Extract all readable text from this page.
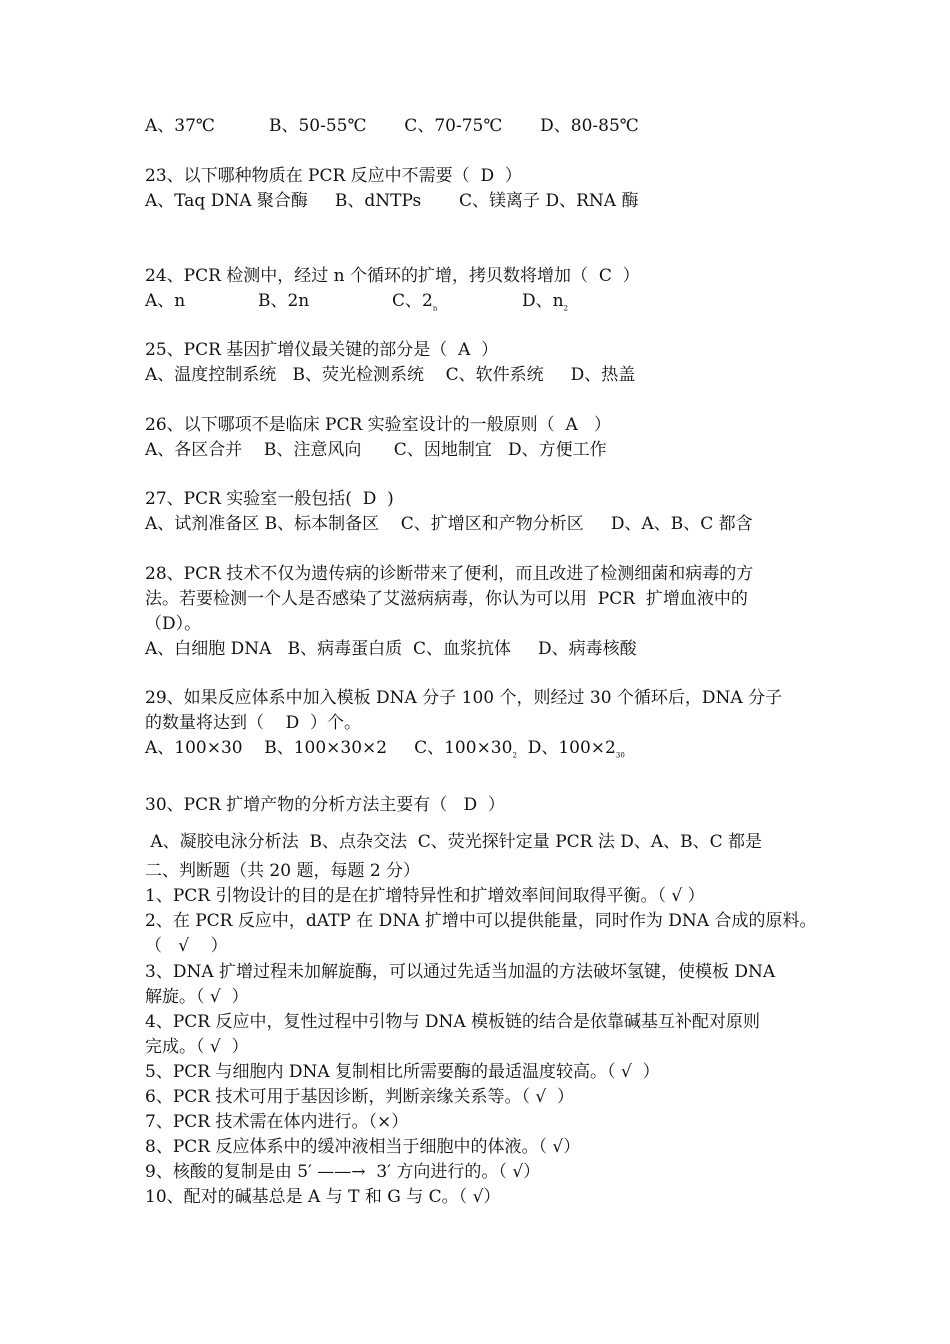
A、37℃          B、50-55℃       C、70-75℃       D、80-85℃
23、以下哪种物质在 PCR 反应中不需要（  D  ）
A、Taq DNA 聚合酶     B、dNTPs       C、镁离子 D、RNA 酶
24、PCR 检测中，经过 n 个循环的扩增，拷贝数将增加（  C  ）
A、n	B、2n	C、$2_n$	D、$n_2$
25、PCR 基因扩增仪最关键的部分是（  A  ）
A、温度控制系统   B、荧光检测系统    C、软件系统     D、热盖
26、以下哪项不是临床 PCR 实验室设计的一般原则（  A   ）
A、各区合并    B、注意风向      C、因地制宜   D、方便工作
27、PCR 实验室一般包括(  D  )
A、试剂准备区 B、标本制备区    C、扩增区和产物分析区     D、A、B、C 都含
28、PCR 技术不仅为遗传病的诊断带来了便利，而且改进了检测细菌和病毒的方
法。若要检测一个人是否感染了艾滋病病毒，你认为可以用  PCR  扩增血液中的
（D）。
A、白细胞 DNA   B、病毒蛋白质  C、血浆抗体     D、病毒核酸
29、如果反应体系中加入模板 DNA 分子 100 个，则经过 30 个循环后，DNA 分子
的数量将达到（    D  ）个。
A、100×30    B、100×30×2     C、$100\times 30_2$  D、$100\times 2_{30}$
30、PCR 扩增产物的分析方法主要有（   D  ）
A、凝胶电泳分析法  B、点杂交法  C、荧光探针定量 PCR 法 D、A、B、C 都是
二、判断题（共 20 题，每题 2 分）
1、PCR 引物设计的目的是在扩增特异性和扩增效率间间取得平衡。（ √ ）
2、在 PCR 反应中，dATP 在 DNA 扩增中可以提供能量，同时作为 DNA 合成的原料。
（   √    ）
3、DNA 扩增过程未加解旋酶，可以通过先适当加温的方法破坏氢键，使模板 DNA
解旋。（ √  ）
4、PCR 反应中，复性过程中引物与 DNA 模板链的结合是依靠碱基互补配对原则
完成。（ √  ）
5、PCR 与细胞内 DNA 复制相比所需要酶的最适温度较高。（ √  ）
6、PCR 技术可用于基因诊断，判断亲缘关系等。（ √  ）
7、PCR 技术需在体内进行。（×）
8、PCR 反应体系中的缓冲液相当于细胞中的体液。（ √）
9、核酸的复制是由 5′ ——→  3′ 方向进行的。（ √）
10、配对的碱基总是 A 与 T 和 G 与 C。（ √）
